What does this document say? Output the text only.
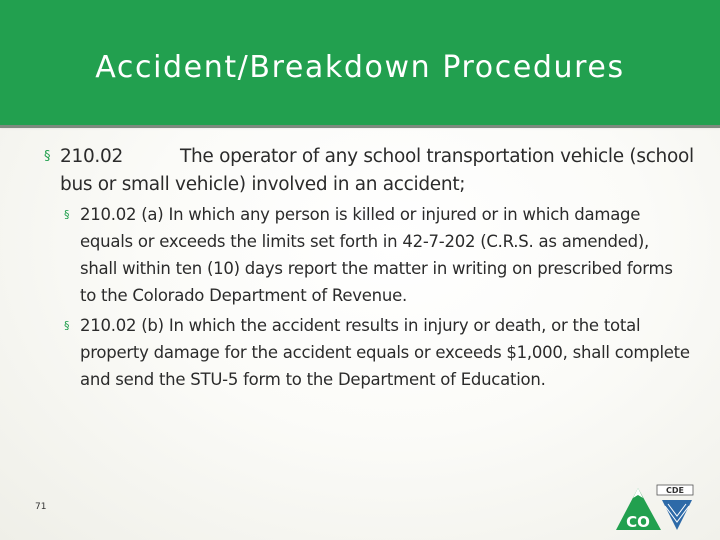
Accident/Breakdown Procedures
§ 210.02	The operator of any school transportation vehicle (school bus or small vehicle) involved in an accident;
§ 210.02 (a) In which any person is killed or injured or in which damage equals or exceeds the limits set forth in 42-7-202 (C.R.S. as amended), shall within ten (10) days report the matter in writing on prescribed forms to the Colorado Department of Revenue.
§ 210.02 (b) In which the accident results in injury or death, or the total property damage for the accident equals or exceeds $1,000, shall complete and send the STU-5 form to the Department of Education.
71
CDE
CO
